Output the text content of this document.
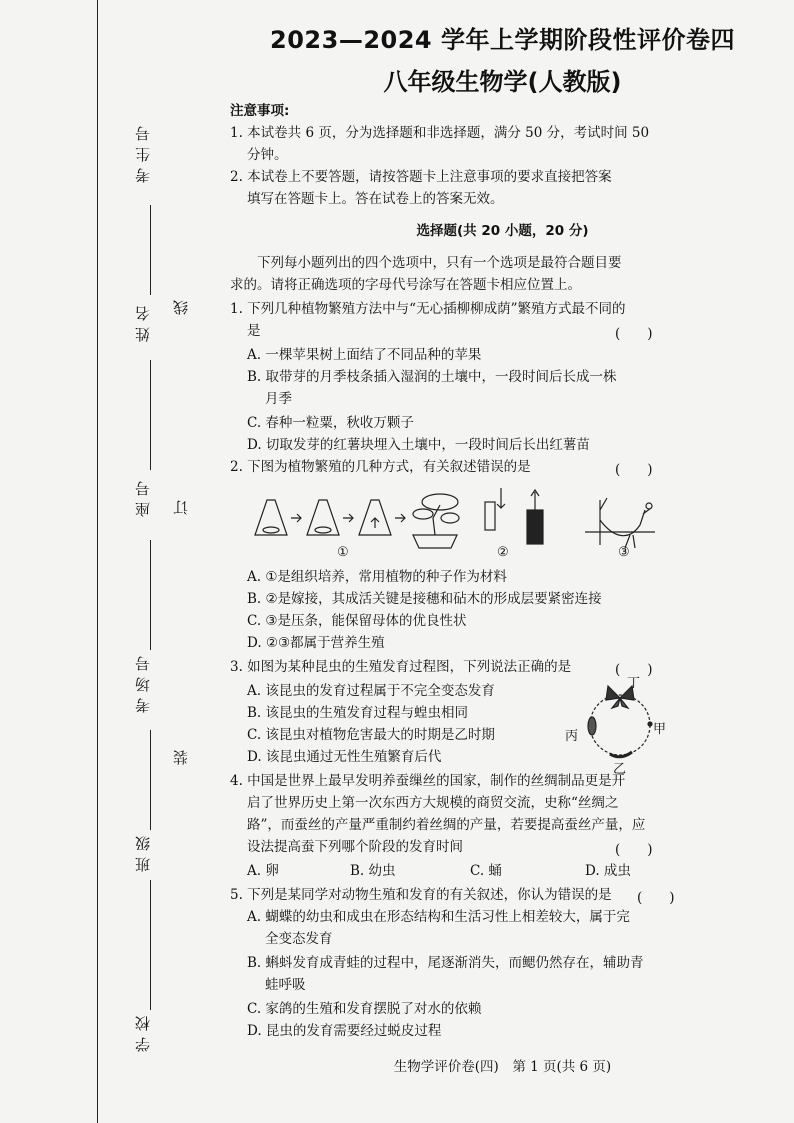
考生号
姓名
座号
考场号
班级
学校
线
订
装
2023—2024 学年上学期阶段性评价卷四
八年级生物学(人教版)
注意事项:
1. 本试卷共 6 页，分为选择题和非选择题，满分 50 分，考试时间 50
分钟。
2. 本试卷上不要答题，请按答题卡上注意事项的要求直接把答案
填写在答题卡上。答在试卷上的答案无效。
选择题(共 20 小题，20 分)
下列每小题列出的四个选项中，只有一个选项是最符合题目要
求的。请将正确选项的字母代号涂写在答题卡相应位置上。
1. 下列几种植物繁殖方法中与“无心插柳柳成荫”繁殖方式最不同的
是	(　　)
A. 一棵苹果树上面结了不同品种的苹果
B. 取带芽的月季枝条插入湿润的土壤中，一段时间后长成一株
月季
C. 春种一粒粟，秋收万颗子
D. 切取发芽的红薯块埋入土壤中，一段时间后长出红薯苗
2. 下图为植物繁殖的几种方式，有关叙述错误的是	(　　)
①	②	③
A. ①是组织培养，常用植物的种子作为材料
B. ②是嫁接，其成活关键是接穗和砧木的形成层要紧密连接
C. ③是压条，能保留母体的优良性状
D. ②③都属于营养生殖
3. 如图为某种昆虫的生殖发育过程图，下列说法正确的是	(　　)
A. 该昆虫的发育过程属于不完全变态发育
B. 该昆虫的生殖发育过程与蝗虫相同
C. 该昆虫对植物危害最大的时期是乙时期
D. 该昆虫通过无性生殖繁育后代
丁
甲
乙
丙
4. 中国是世界上最早发明养蚕缫丝的国家，制作的丝绸制品更是开
启了世界历史上第一次东西方大规模的商贸交流，史称“丝绸之
路”，而蚕丝的产量严重制约着丝绸的产量，若要提高蚕丝产量，应
设法提高蚕下列哪个阶段的发育时间	(　　)
A. 卵	B. 幼虫	C. 蛹	D. 成虫
5. 下列是某同学对动物生殖和发育的有关叙述，你认为错误的是 (　　)
A. 蝴蝶的幼虫和成虫在形态结构和生活习性上相差较大，属于完
全变态发育
B. 蝌蚪发育成青蛙的过程中，尾逐渐消失，而鳃仍然存在，辅助青
蛙呼吸
C. 家鸽的生殖和发育摆脱了对水的依赖
D. 昆虫的发育需要经过蜕皮过程
生物学评价卷(四)　第 1 页(共 6 页)
